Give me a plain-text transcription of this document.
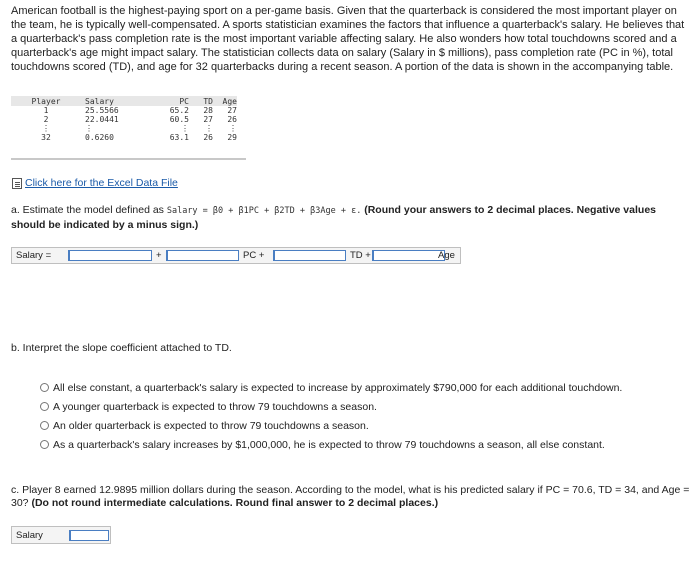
American football is the highest-paying sport on a per-game basis. Given that the quarterback is considered the most important player on the team, he is typically well-compensated. A sports statistician examines the factors that influence a quarterback's salary. He believes that a quarterback's pass completion rate is the most important variable affecting salary. He also wonders how total touchdowns scored and a quarterback's age might impact salary. The statistician collects data on salary (Salary in $ millions), pass completion rate (PC in %), total touchdowns scored (TD), and age for 32 quarterbacks during a recent season. A portion of the data is shown in the accompanying table.

Player	Salary	PC	TD	Age
1	25.5566	65.2	28	27
2	22.0441	60.5	27	26
⋮	⋮	⋮	⋮	⋮
32	0.6260	63.1	26	29
Click here for the Excel Data File
a. Estimate the model defined as Salary = β0 + β1PC + β2TD + β3Age + ε. (Round your answers to 2 decimal places. Negative values should be indicated by a minus sign.)
Salary =	+	PC +	TD +	Age
b. Interpret the slope coefficient attached to TD.
All else constant, a quarterback's salary is expected to increase by approximately $790,000 for each additional touchdown.
A younger quarterback is expected to throw 79 touchdowns a season.
An older quarterback is expected to throw 79 touchdowns a season.
As a quarterback's salary increases by $1,000,000, he is expected to throw 79 touchdowns a season, all else constant.
c. Player 8 earned 12.9895 million dollars during the season. According to the model, what is his predicted salary if PC = 70.6, TD = 34, and Age = 30? (Do not round intermediate calculations. Round final answer to 2 decimal places.)
Salary
